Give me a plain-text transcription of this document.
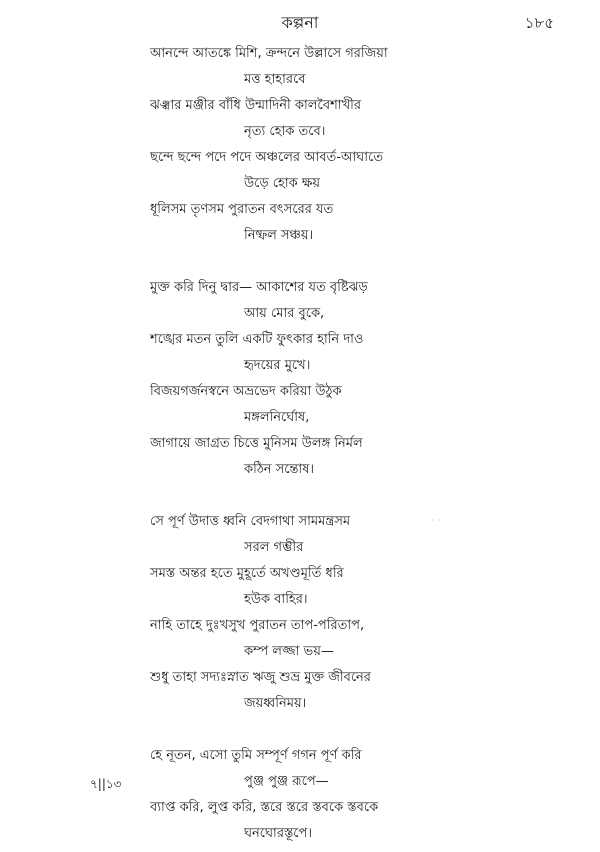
কল্পনা	১৮৫
আনন্দে আতঙ্কে মিশি, ক্রন্দনে উল্লাসে গরজিয়া
মত্ত হাহারবে
ঝঞ্ঝার মঞ্জীর বাঁধি উন্মাদিনী কালবৈশাখীর
নৃত্য হোক তবে।
ছন্দে ছন্দে পদে পদে অঞ্চলের আবর্ত-আঘাতে
উড়ে হোক ক্ষয়
ধূলিসম তৃণসম পুরাতন বৎসরের যত
নিষ্ফল সঞ্চয়।
মুক্ত করি দিনু দ্বার— আকাশের যত বৃষ্টিঝড়
আয় মোর বুকে,
শঙ্খের মতন তুলি একটি ফুৎকার হানি দাও
হৃদয়ের মুখে।
বিজয়গর্জনস্বনে অভ্রভেদ করিয়া উঠুক
মঙ্গলনির্ঘোষ,
জাগায়ে জাগ্রত চিত্তে মুনিসম উলঙ্গ নির্মল
কঠিন সন্তোষ।
সে পূর্ণ উদাত্ত ধ্বনি বেদগাথা সামমন্ত্রসম
সরল গম্ভীর
সমস্ত অন্তর হতে মুহূর্তে অখণ্ডমূর্তি ধরি
হউক বাহির।
নাহি তাহে দুঃখসুখ পুরাতন তাপ-পরিতাপ,
কম্প লজ্জা ভয়—
শুধু তাহা সদ্যঃস্নাত ঋজু শুভ্র মুক্ত জীবনের
জয়ধ্বনিময়।
হে নূতন, এসো তুমি সম্পূর্ণ গগন পূর্ণ করি
পুঞ্জ পুঞ্জ রূপে—
ব্যাপ্ত করি, লুপ্ত করি, স্তরে স্তরে স্তবকে স্তবকে
ঘনঘোরস্তূপে।
· · · · ·
৭||১৩
